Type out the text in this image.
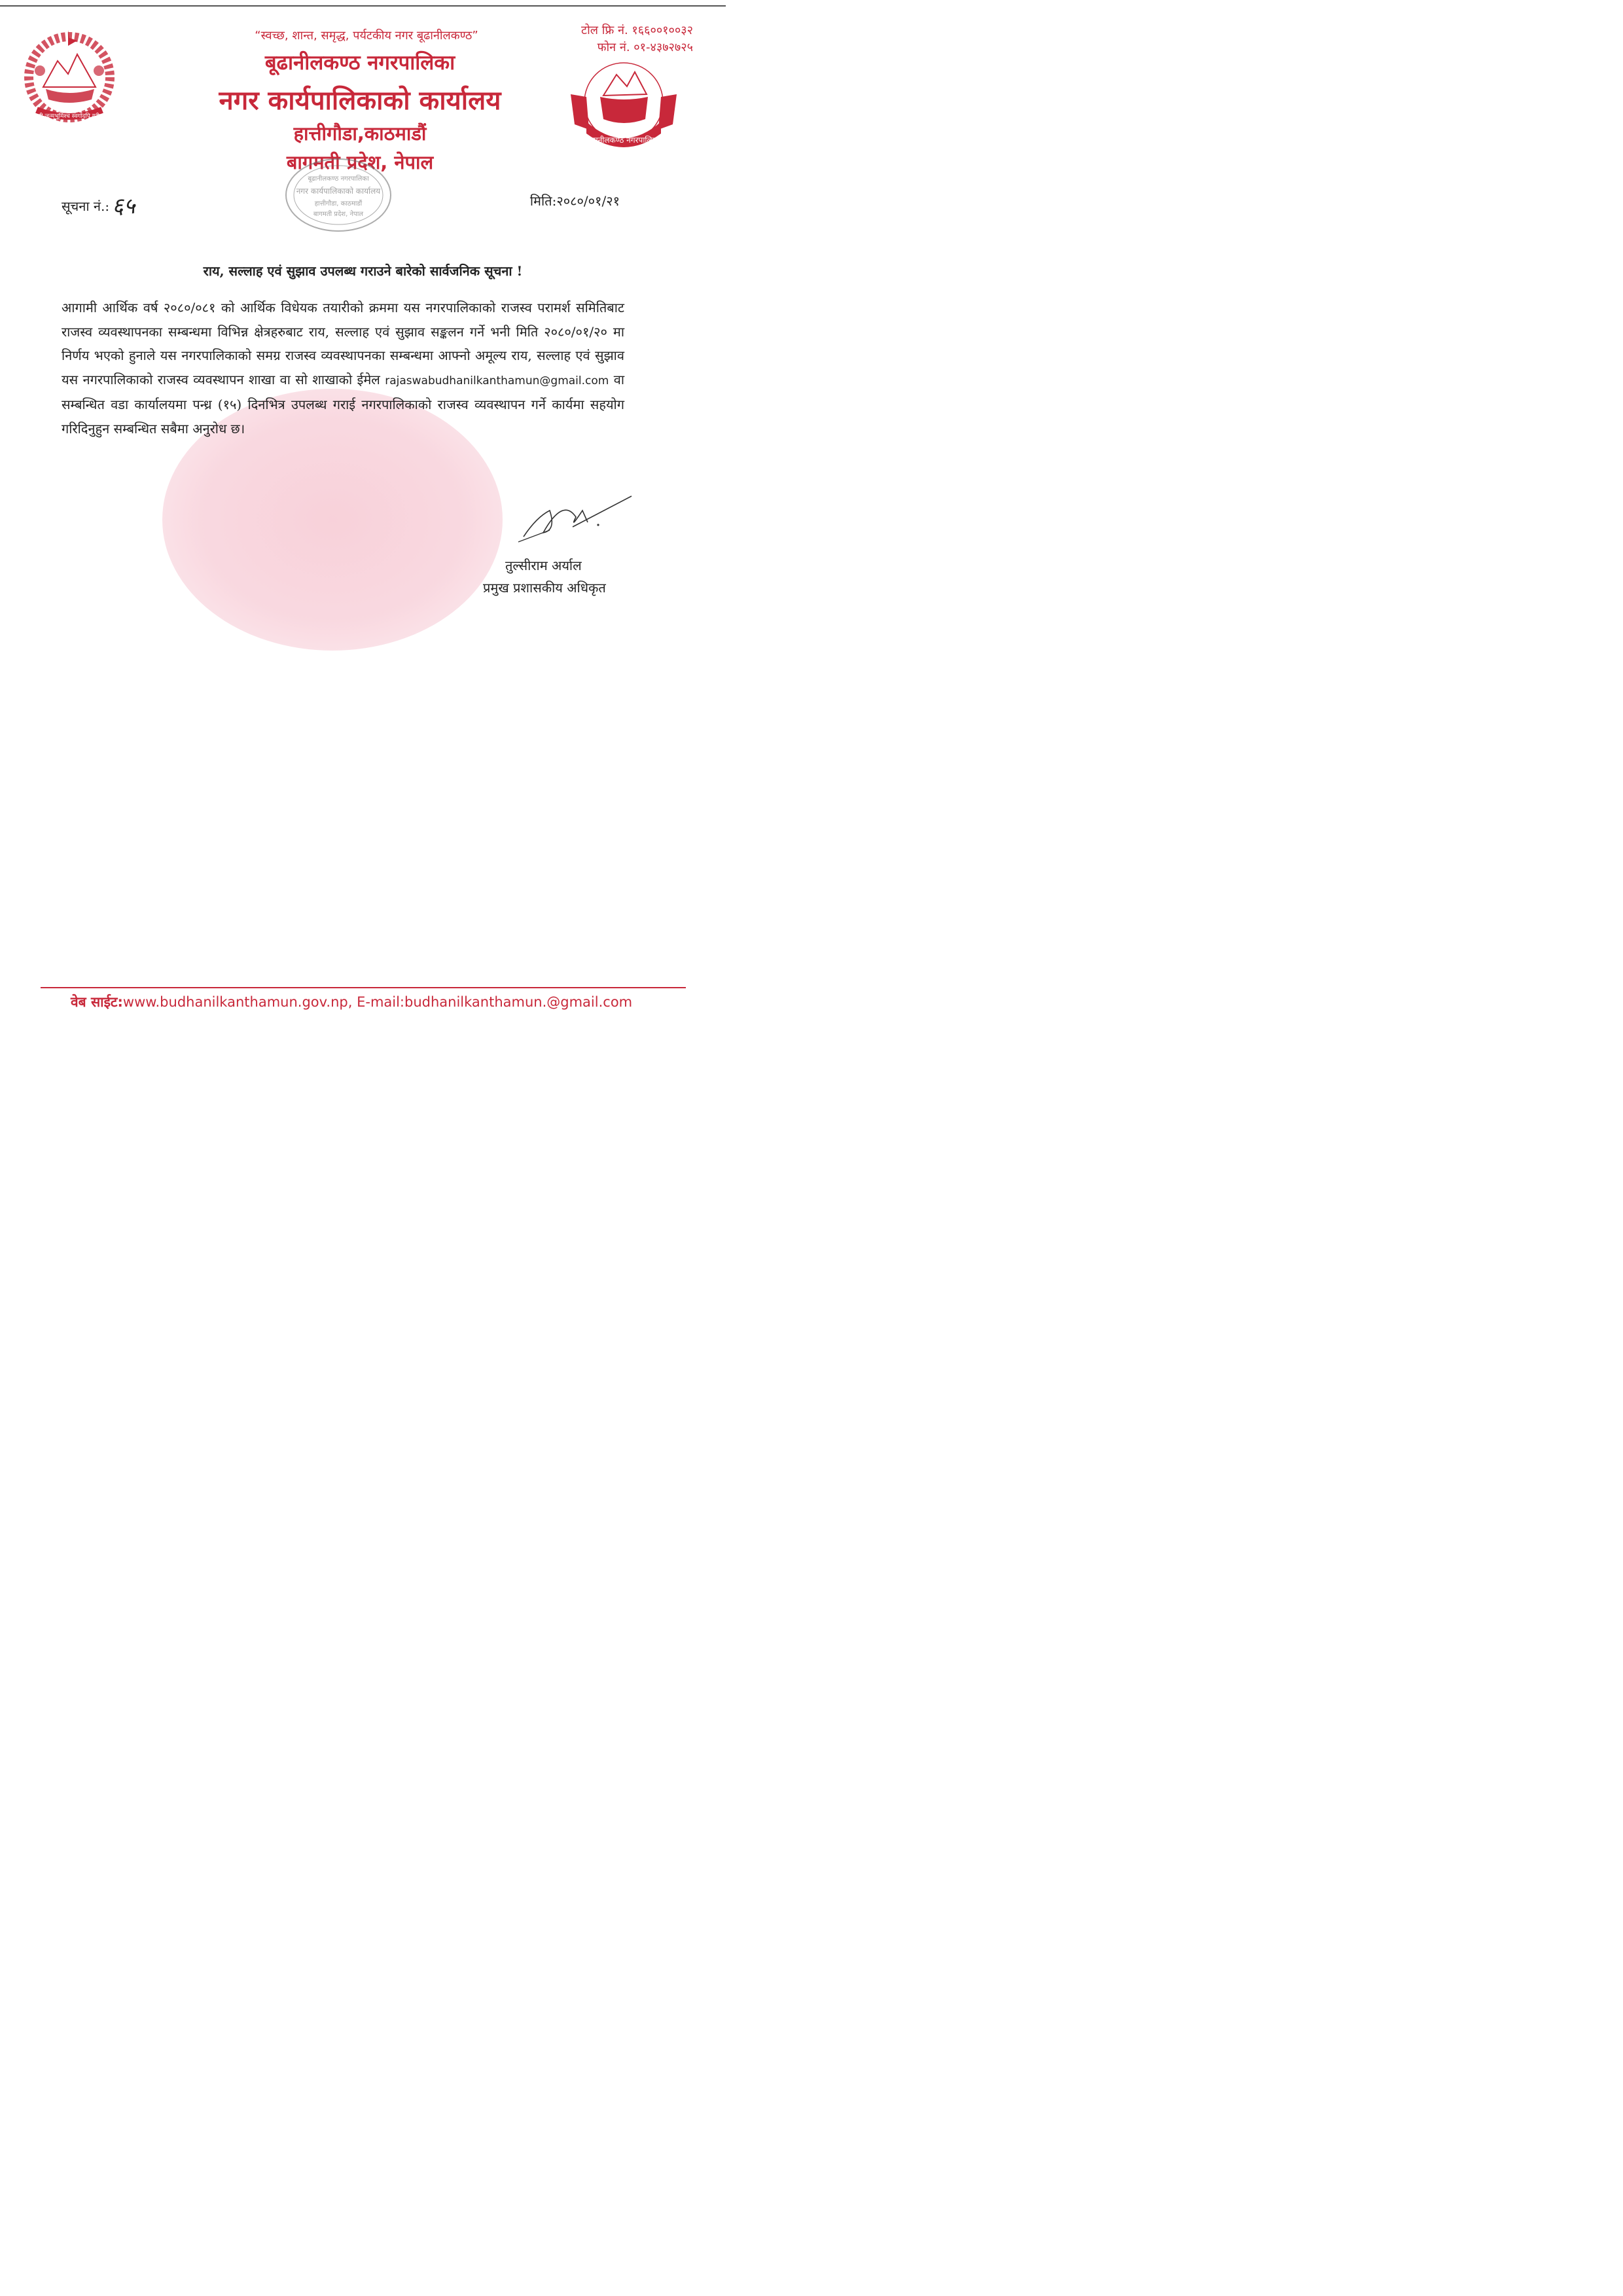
जननी जन्मभूमिश्च स्वर्गादपि गरीयसी
बूढानीलकण्ठ नगरपालिका
“स्वच्छ, शान्त, समृद्ध, पर्यटकीय नगर बूढानीलकण्ठ”	टोल फ्रि नं. १६६००१००३२
फोन नं. ०१-४३७२७२५
बूढानीलकण्ठ नगरपालिका
नगर कार्यपालिकाको कार्यालय
हात्तीगौडा,काठमाडौं
बागमती प्रदेश, नेपाल
बूढानीलकण्ठ नगरपालिका
नगर कार्यपालिकाको कार्यालय
हात्तीगौडा, काठमाडौं
बागमती प्रदेश, नेपाल
सूचना नं.: ६५	मिति:२०८०/०१/२१
राय, सल्लाह एवं सुझाव उपलब्ध गराउने बारेको सार्वजनिक सूचना !
आगामी आर्थिक वर्ष २०८०/०८१ को आर्थिक विधेयक तयारीको क्रममा यस नगरपालिकाको राजस्व परामर्श समितिबाट राजस्व व्यवस्थापनका सम्बन्धमा विभिन्न क्षेत्रहरुबाट राय, सल्लाह एवं सुझाव सङ्कलन गर्ने भनी मिति २०८०/०१/२० मा निर्णय भएको हुनाले यस नगरपालिकाको समग्र राजस्व व्यवस्थापनका सम्बन्धमा आफ्नो अमूल्य राय, सल्लाह एवं सुझाव यस नगरपालिकाको राजस्व व्यवस्थापन शाखा वा सो शाखाको ईमेल rajaswabudhanilkanthamun@gmail.com वा सम्बन्धित वडा कार्यालयमा पन्ध्र (१५) दिनभित्र उपलब्ध गराई नगरपालिकाको राजस्व व्यवस्थापन गर्ने कार्यमा सहयोग गरिदिनुहुन सम्बन्धित सबैमा अनुरोध छ।
तुल्सीराम अर्याल
प्रमुख प्रशासकीय अधिकृत
वेब साईट:www.budhanilkanthamun.gov.np, E-mail:budhanilkanthamun.@gmail.com
